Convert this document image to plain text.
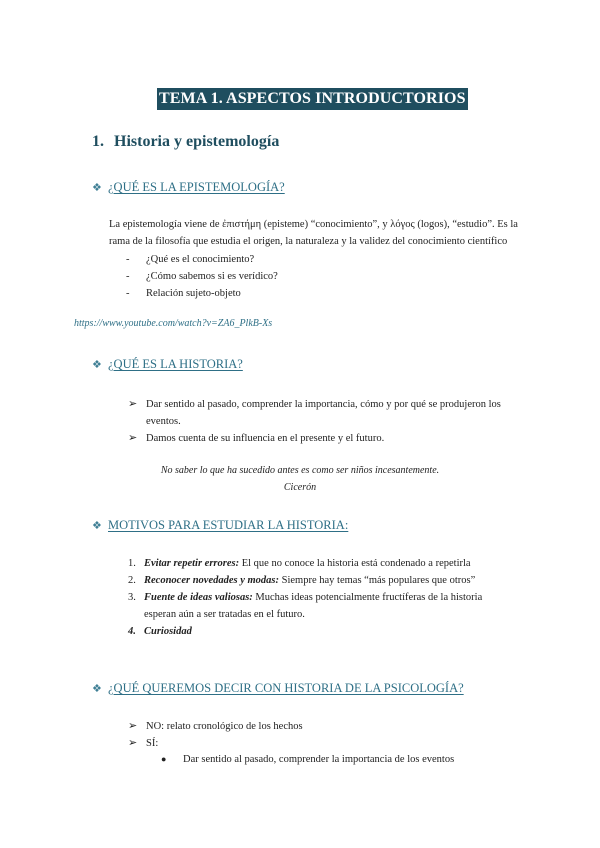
TEMA 1. ASPECTOS INTRODUCTORIOS
1. Historia y epistemología
❖ ¿QUÉ ES LA EPISTEMOLOGÍA?
La epistemología viene de ἐπιστήμη (episteme) “conocimiento”, y λόγος (logos), “estudio”. Es la rama de la filosofía que estudia el origen, la naturaleza y la validez del conocimiento científico
- ¿Qué es el conocimiento?
- ¿Cómo sabemos si es verídico?
- Relación sujeto-objeto
https://www.youtube.com/watch?v=ZA6_PlkB-Xs
❖ ¿QUÉ ES LA HISTORIA?
➢ Dar sentido al pasado, comprender la importancia, cómo y por qué se produjeron los eventos.
➢ Damos cuenta de su influencia en el presente y el futuro.
No saber lo que ha sucedido antes es como ser niños incesantemente.
Cicerón
❖ MOTIVOS PARA ESTUDIAR LA HISTORIA:
1. Evitar repetir errores: El que no conoce la historia está condenado a repetirla
2. Reconocer novedades y modas: Siempre hay temas “más populares que otros”
3. Fuente de ideas valiosas: Muchas ideas potencialmente fructíferas de la historia esperan aún a ser tratadas en el futuro.
4. Curiosidad
❖ ¿QUÉ QUEREMOS DECIR CON HISTORIA DE LA PSICOLOGÍA?
➢ NO: relato cronológico de los hechos
➢ SÍ:
● Dar sentido al pasado, comprender la importancia de los eventos
